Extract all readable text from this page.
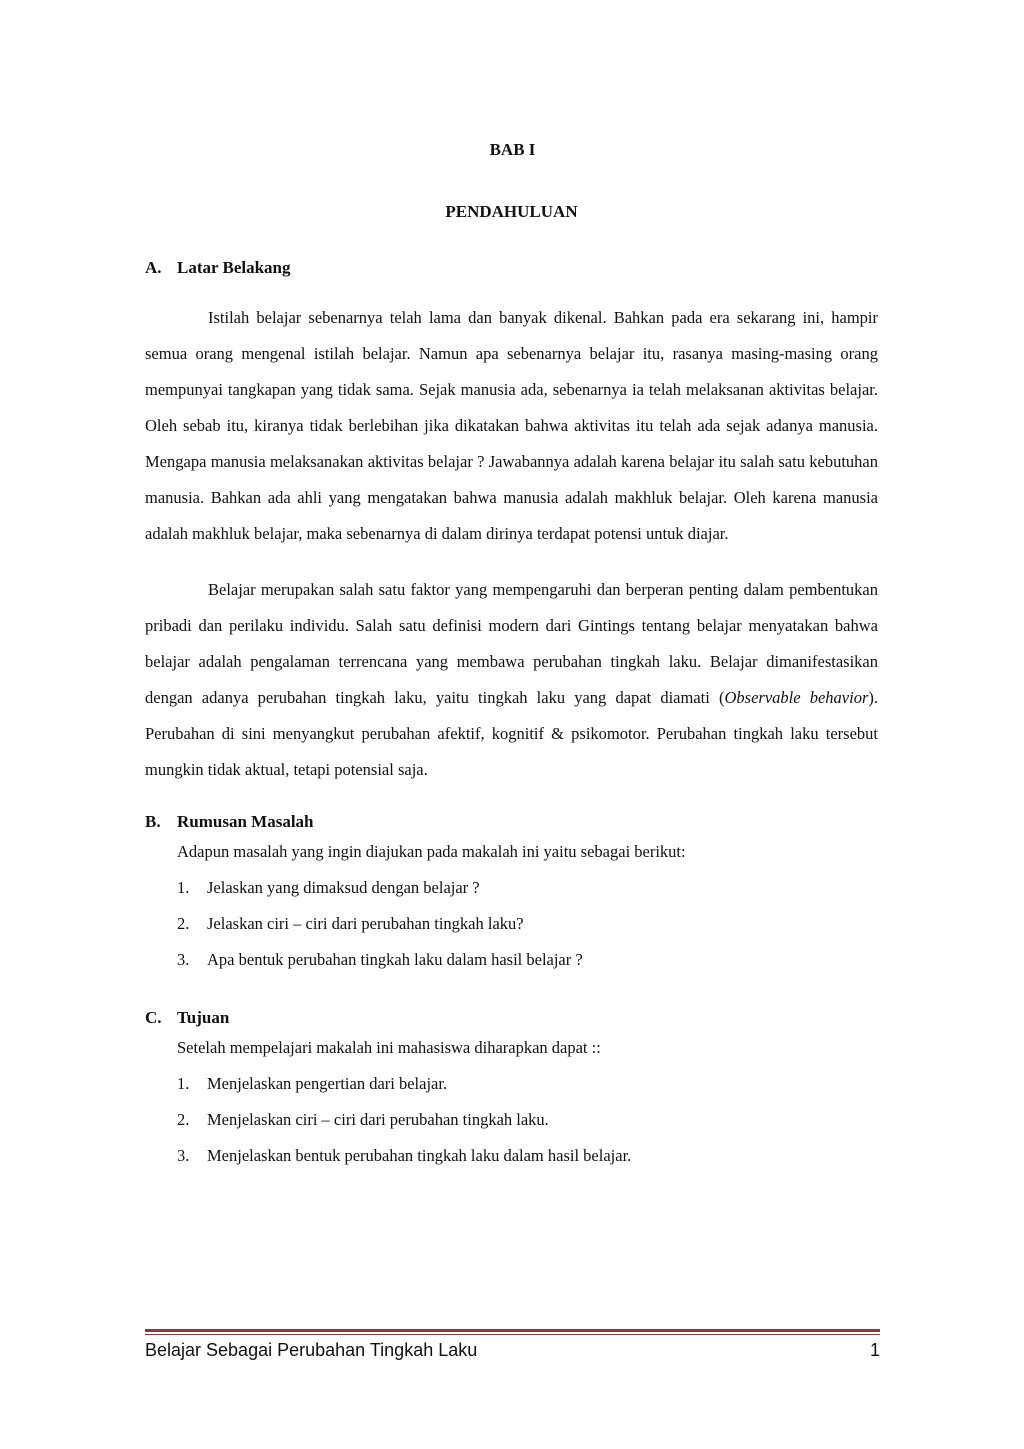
BAB I

PENDAHULUAN

A. Latar Belakang

Istilah belajar sebenarnya telah lama dan banyak dikenal. Bahkan pada era sekarang ini, hampir semua orang mengenal istilah belajar. Namun apa sebenarnya belajar itu, rasanya masing-masing orang mempunyai tangkapan yang tidak sama. Sejak manusia ada, sebenarnya ia telah melaksanan aktivitas belajar. Oleh sebab itu, kiranya tidak berlebihan jika dikatakan bahwa aktivitas itu telah ada sejak adanya manusia. Mengapa manusia melaksanakan aktivitas belajar ? Jawabannya adalah karena belajar itu salah satu kebutuhan manusia. Bahkan ada ahli yang mengatakan bahwa manusia adalah makhluk belajar. Oleh karena manusia adalah makhluk belajar, maka sebenarnya di dalam dirinya terdapat potensi untuk diajar.

Belajar merupakan salah satu faktor yang mempengaruhi dan berperan penting dalam pembentukan pribadi dan perilaku individu. Salah satu definisi modern dari Gintings tentang belajar menyatakan bahwa belajar adalah pengalaman terrencana yang membawa perubahan tingkah laku. Belajar dimanifestasikan dengan adanya perubahan tingkah laku, yaitu tingkah laku yang dapat diamati (Observable behavior). Perubahan di sini menyangkut perubahan afektif, kognitif & psikomotor. Perubahan tingkah laku tersebut mungkin tidak aktual, tetapi potensial saja.

B. Rumusan Masalah

Adapun masalah yang ingin diajukan pada makalah ini yaitu sebagai berikut:

1.	Jelaskan yang dimaksud dengan belajar ?
2.	Jelaskan ciri – ciri dari perubahan tingkah laku?
3.	Apa bentuk perubahan tingkah laku dalam hasil belajar ?
C. Tujuan

Setelah mempelajari makalah ini mahasiswa diharapkan dapat ::

1.	Menjelaskan pengertian dari belajar.
2.	Menjelaskan ciri – ciri dari perubahan tingkah laku.
3.	Menjelaskan bentuk perubahan tingkah laku dalam hasil belajar.
Belajar Sebagai Perubahan Tingkah Laku	1
